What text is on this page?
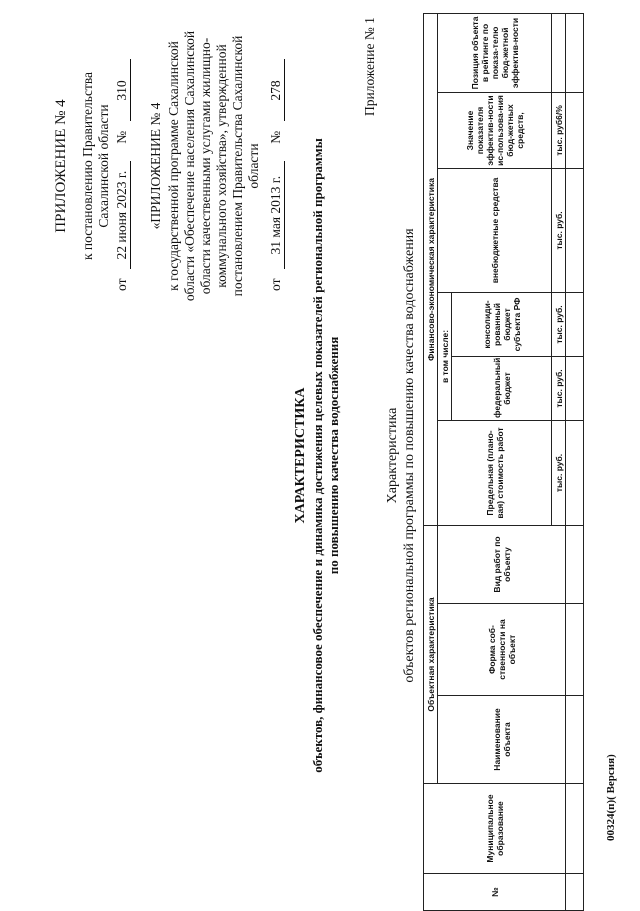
ПРИЛОЖЕНИЕ № 4 к постановлению Правительства Сахалинской области
от 22 июня 2023 г. № 310
«ПРИЛОЖЕНИЕ № 4 к государственной программе Сахалинской области «Обеспечение населения Сахалинской области качественными услугами жилищно- коммунального хозяйства», утвержденной постановлением Правительства Сахалинской области
от 31 мая 2013 г. № 278
ХАРАКТЕРИСТИКА объектов, финансовое обеспечение и динамика достижения целевых показателей региональной программы по повышению качества водоснабжения
Приложение № 1
Характеристика объектов региональной программы по повышению качества водоснабжения
№	Муниципальное образование	Объектная характеристика			Финансово-экономическая характеристика					
		Наименование объекта	Форма соб-ственности на объект	Вид работ по объекту	Предельная (плано-вая) стоимость работ	в том числе:		внебюджетные средства	Значение показателя эффектив-ности ис-пользова-ния бюд-жетных средств,	Позиция объекта в рейтинге по показа-телю бюд-жетной эффектив-ности
						федеральный бюджет	консолиди-рованный бюджет субъекта РФ			
					тыс. руб.	тыс. руб.	тыс. руб.	тыс. руб.	тыс. руб6/%	

00324(п)( Версия)
